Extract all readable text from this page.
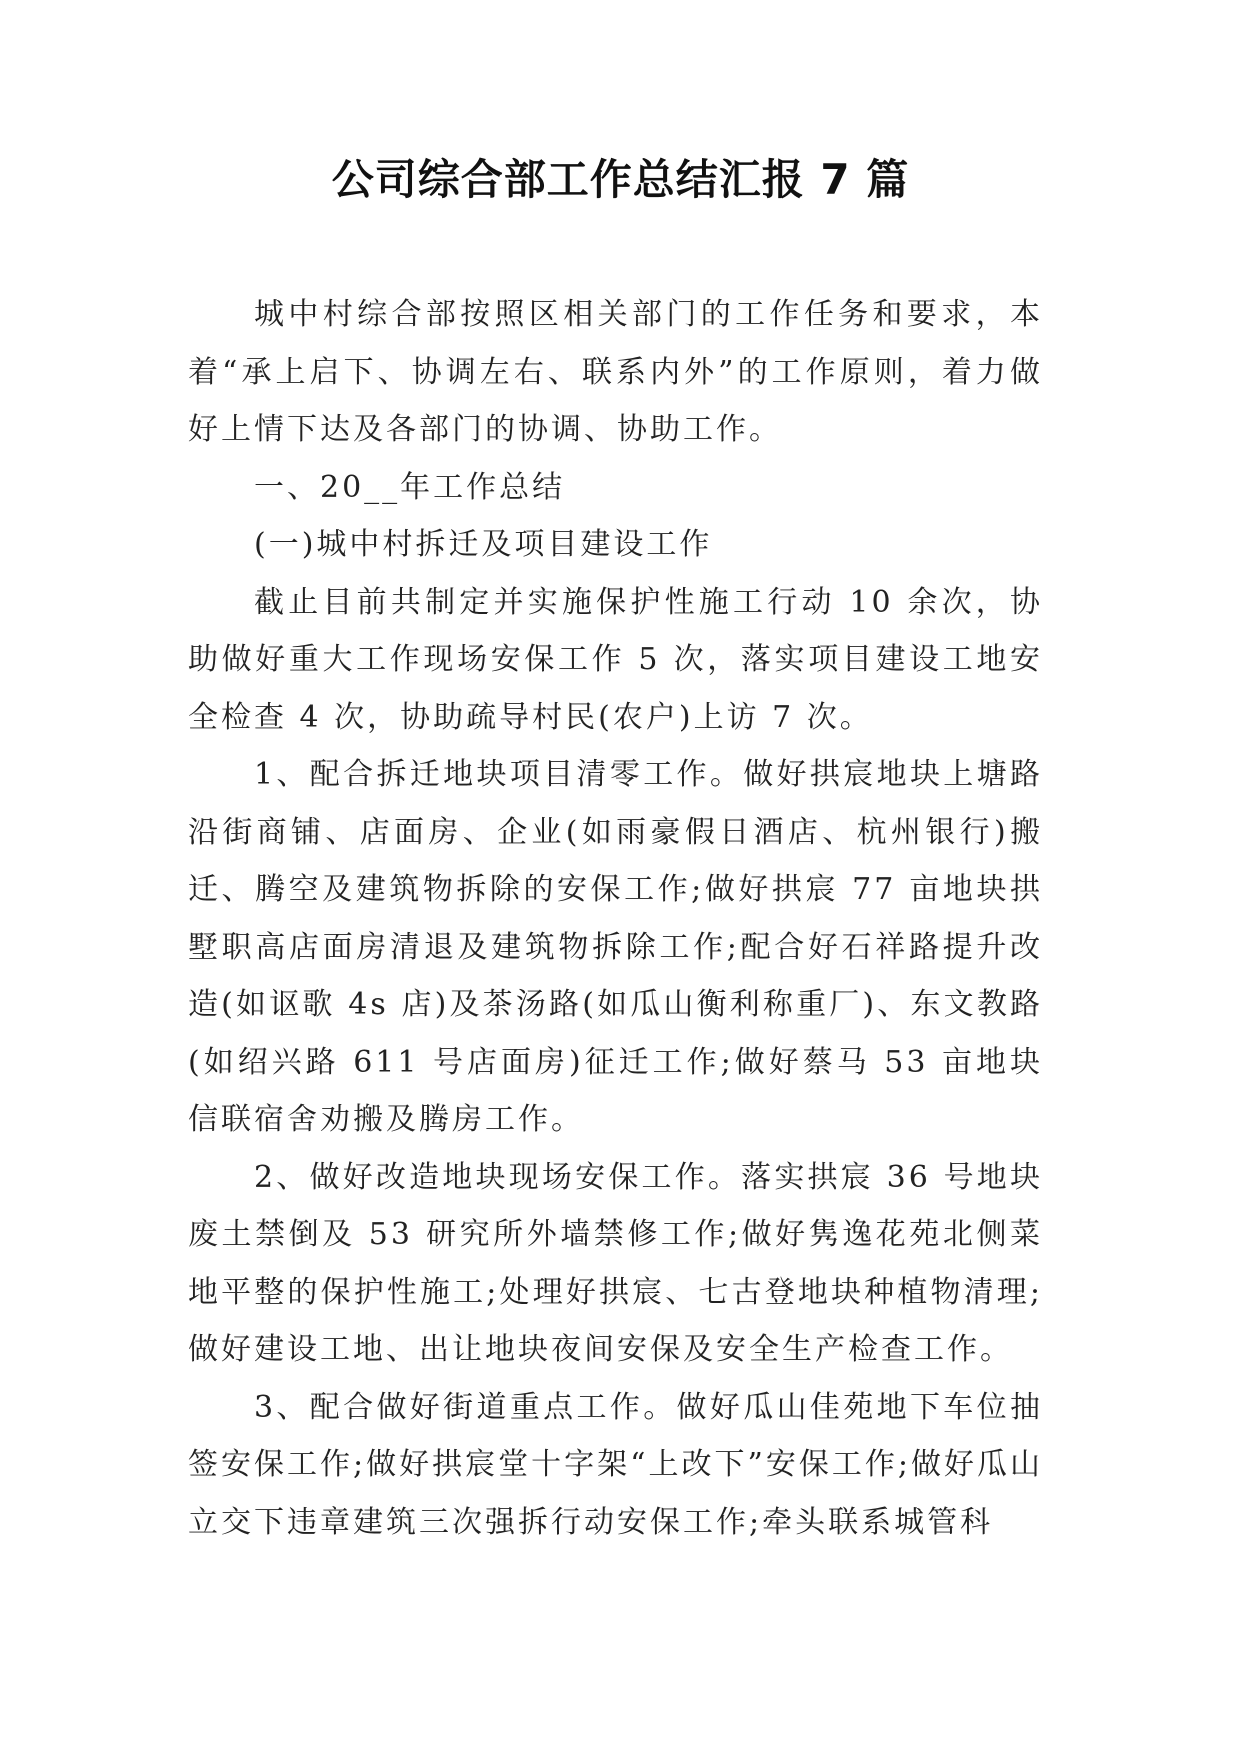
公司综合部工作总结汇报 7 篇

城中村综合部按照区相关部门的工作任务和要求，本着“承上启下、协调左右、联系内外”的工作原则，着力做好上情下达及各部门的协调、协助工作。

一、20__年工作总结

(一)城中村拆迁及项目建设工作

截止目前共制定并实施保护性施工行动 10 余次，协助做好重大工作现场安保工作 5 次，落实项目建设工地安全检查 4 次，协助疏导村民(农户)上访 7 次。

1、配合拆迁地块项目清零工作。做好拱宸地块上塘路沿街商铺、店面房、企业(如雨豪假日酒店、杭州银行)搬迁、腾空及建筑物拆除的安保工作;做好拱宸 77 亩地块拱墅职高店面房清退及建筑物拆除工作;配合好石祥路提升改造(如讴歌 4s 店)及茶汤路(如瓜山衡利称重厂)、东文教路(如绍兴路 611 号店面房)征迁工作;做好蔡马 53 亩地块信联宿舍劝搬及腾房工作。

2、做好改造地块现场安保工作。落实拱宸 36 号地块废土禁倒及 53 研究所外墙禁修工作;做好隽逸花苑北侧菜地平整的保护性施工;处理好拱宸、七古登地块种植物清理;做好建设工地、出让地块夜间安保及安全生产检查工作。

3、配合做好街道重点工作。做好瓜山佳苑地下车位抽签安保工作;做好拱宸堂十字架“上改下”安保工作;做好瓜山立交下违章建筑三次强拆行动安保工作;牵头联系城管科
